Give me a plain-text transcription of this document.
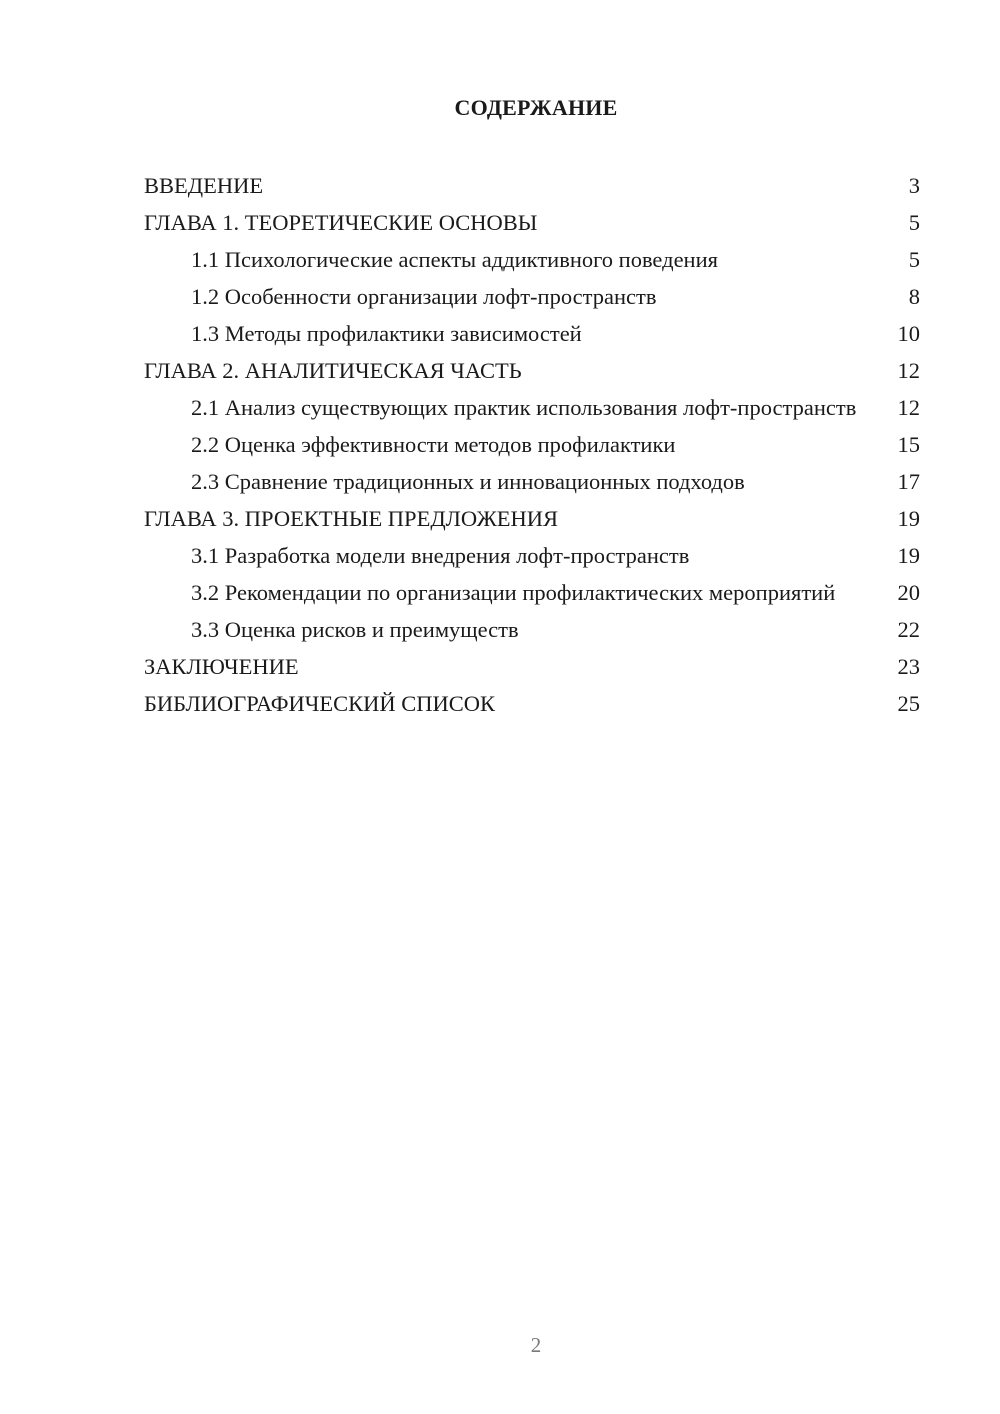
СОДЕРЖАНИЕ
ВВЕДЕНИЕ	3
ГЛАВА 1. ТЕОРЕТИЧЕСКИЕ ОСНОВЫ	5
1.1 Психологические аспекты аддиктивного поведения	5
1.2 Особенности организации лофт-пространств	8
1.3 Методы профилактики зависимостей	10
ГЛАВА 2. АНАЛИТИЧЕСКАЯ ЧАСТЬ	12
2.1 Анализ существующих практик использования лофт-пространств 12
2.2 Оценка эффективности методов профилактики	15
2.3 Сравнение традиционных и инновационных подходов	17
ГЛАВА 3. ПРОЕКТНЫЕ ПРЕДЛОЖЕНИЯ	19
3.1 Разработка модели внедрения лофт-пространств	19
3.2 Рекомендации по организации профилактических мероприятий	20
3.3 Оценка рисков и преимуществ	22
ЗАКЛЮЧЕНИЕ	23
БИБЛИОГРАФИЧЕСКИЙ СПИСОК	25
2
